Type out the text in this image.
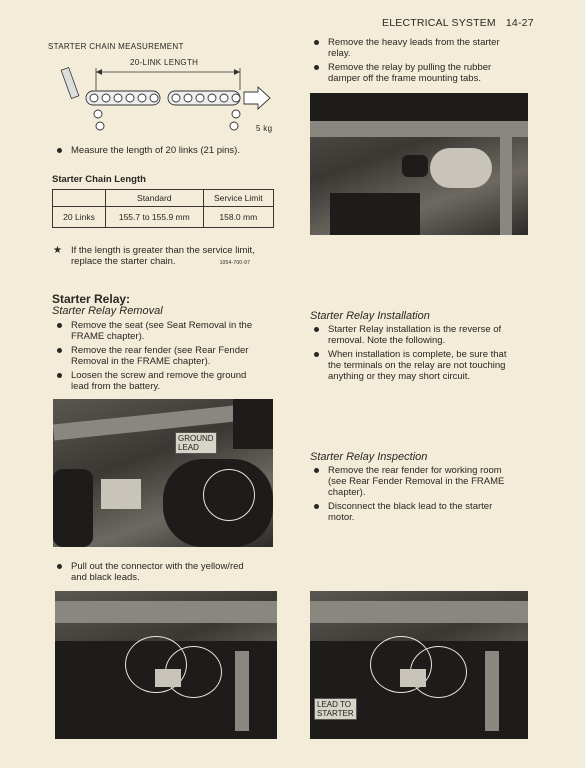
ELECTRICAL SYSTEM 14-27
STARTER CHAIN MEASUREMENT
20-LINK LENGTH
5 kg
Measure the length of 20 links (21 pins).
Starter Chain Length
	Standard	Service Limit
20 Links	155.7 to 155.9 mm	158.0 mm
★ If the length is greater than the service limit,
replace the starter chain.	1054-700-97
Starter Relay:
Starter Relay Removal
Remove the seat (see Seat Removal in the
FRAME chapter).
Remove the rear fender (see Rear Fender
Removal in the FRAME chapter).
Loosen the screw and remove the ground
lead from the battery.
GROUND
LEAD
Pull out the connector with the yellow/red
and black leads.
Remove the heavy leads from the starter
relay.
Remove the relay by pulling the rubber
damper off the frame mounting tabs.
Starter Relay Installation
Starter Relay installation is the reverse of
removal. Note the following.
When installation is complete, be sure that
the terminals on the relay are not touching
anything or they may short circuit.
Starter Relay Inspection
Remove the rear fender for working room
(see Rear Fender Removal in the FRAME
chapter).
Disconnect the black lead to the starter
motor.
LEAD TO
STARTER
